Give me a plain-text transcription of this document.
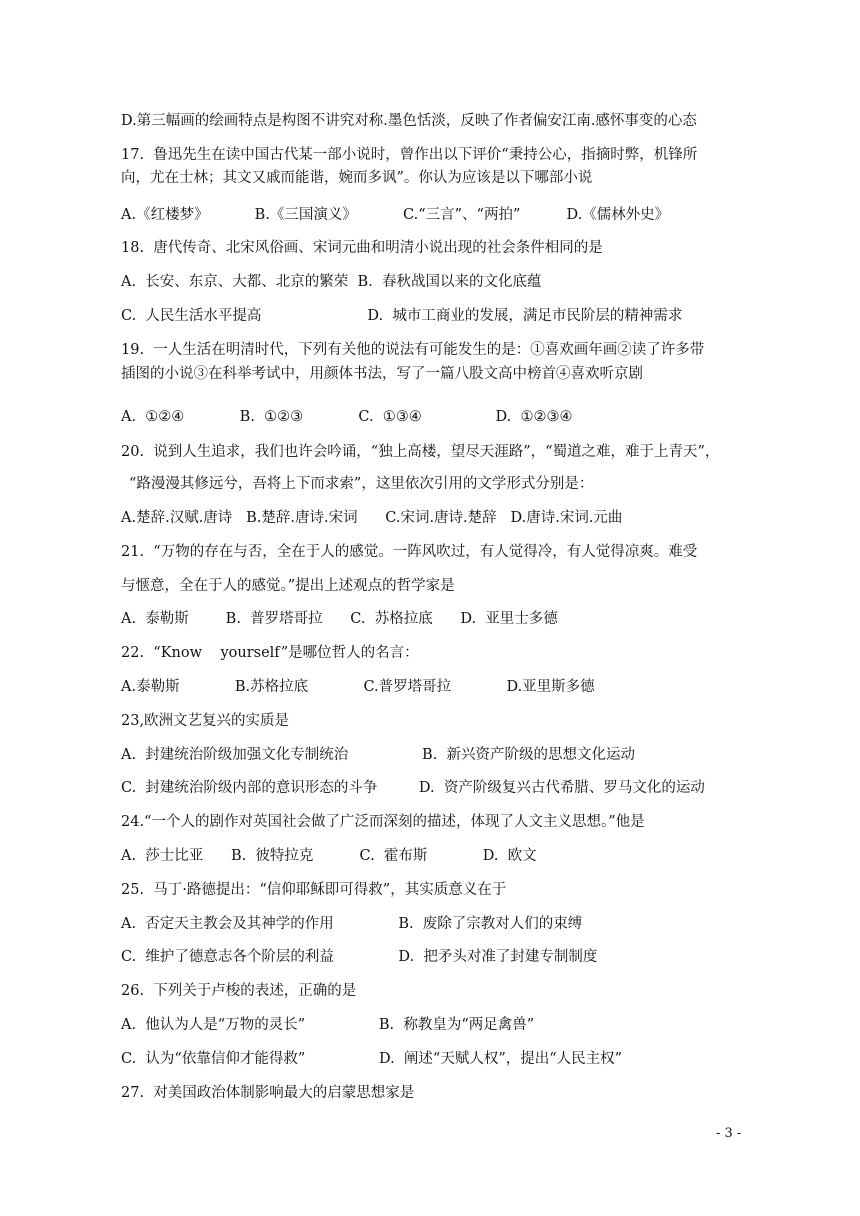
D.第三幅画的绘画特点是构图不讲究对称.墨色恬淡，反映了作者偏安江南.感怀事变的心态
17.  鲁迅先生在读中国古代某一部小说时，曾作出以下评价“秉持公心，指摘时弊，机锋所
向，尤在士林；其文又戚而能谐，婉而多讽”。你认为应该是以下哪部小说
A.《红楼梦》          B.《三国演义》          C.“三言”、“两拍”          D.《儒林外史》
18.  唐代传奇、北宋风俗画、宋词元曲和明清小说出现的社会条件相同的是
A.  长安、东京、大都、北京的繁荣  B.  春秋战国以来的文化底蕴
C.  人民生活水平提高                       D.  城市工商业的发展，满足市民阶层的精神需求
19.  一人生活在明清时代，下列有关他的说法有可能发生的是：①喜欢画年画②读了许多带
插图的小说③在科举考试中，用颜体书法，写了一篇八股文高中榜首④喜欢听京剧
A.  ①②④            B.  ①②③            C.  ①③④                D.  ①②③④
20.  说到人生追求，我们也许会吟诵，“独上高楼，望尽天涯路”，“蜀道之难，难于上青天”，
“路漫漫其修远兮，吾将上下而求索”，这里依次引用的文学形式分别是：
A.楚辞.汉赋.唐诗   B.楚辞.唐诗.宋词      C.宋词.唐诗.楚辞   D.唐诗.宋词.元曲
21.  “万物的存在与否，全在于人的感觉。一阵风吹过，有人觉得冷，有人觉得凉爽。难受
与惬意，全在于人的感觉。”提出上述观点的哲学家是
A.  泰勒斯        B.  普罗塔哥拉      C.  苏格拉底      D.  亚里士多德
22.  “Know    yourself”是哪位哲人的名言：
A.泰勒斯            B.苏格拉底            C.普罗塔哥拉            D.亚里斯多德
23,欧洲文艺复兴的实质是
A.  封建统治阶级加强文化专制统治                B.  新兴资产阶级的思想文化运动
C.  封建统治阶级内部的意识形态的斗争         D.  资产阶级复兴古代希腊、罗马文化的运动
24.“一个人的剧作对英国社会做了广泛而深刻的描述，体现了人文主义思想。”他是
A.  莎士比亚      B.  彼特拉克          C.  霍布斯            D.  欧文
25.  马丁·路德提出：“信仰耶稣即可得救”，其实质意义在于
A.  否定天主教会及其神学的作用              B.  废除了宗教对人们的束缚
C.  维护了德意志各个阶层的利益              D.  把矛头对准了封建专制制度
26.  下列关于卢梭的表述，正确的是
A.  他认为人是“万物的灵长”                B.  称教皇为“两足禽兽”
C.  认为“依靠信仰才能得救”                D.  阐述“天赋人权”，提出“人民主权”
27.  对美国政治体制影响最大的启蒙思想家是
- 3 -
